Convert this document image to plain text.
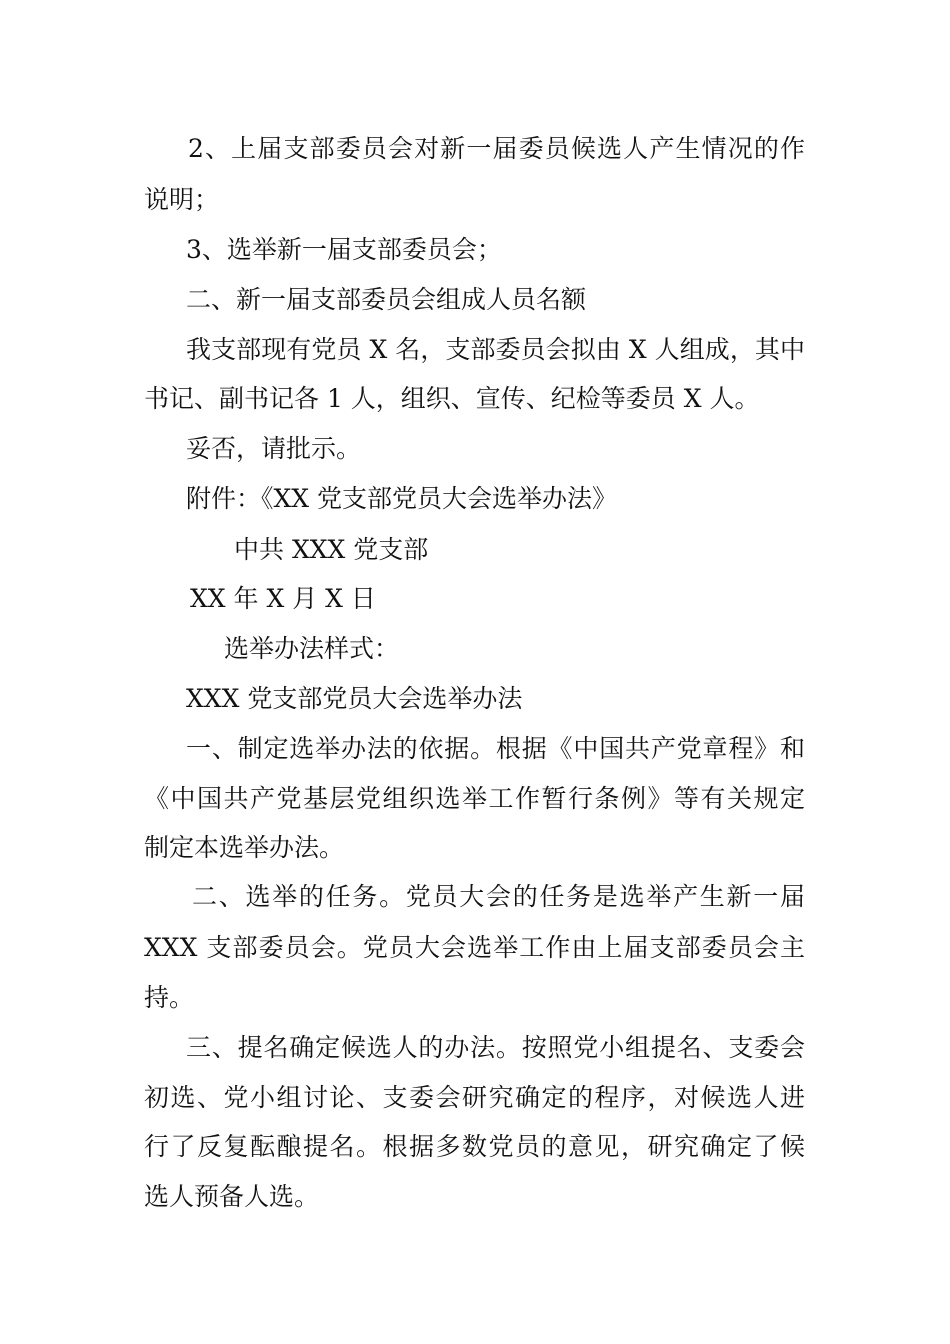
2、上届支部委员会对新一届委员候选人产生情况的作
说明；
3、选举新一届支部委员会；
二、新一届支部委员会组成人员名额
我支部现有党员 X 名，支部委员会拟由 X 人组成，其中
书记、副书记各 1 人，组织、宣传、纪检等委员 X 人。
妥否，请批示。
附件：《XX 党支部党员大会选举办法》
中共 XXX 党支部
XX 年 X 月 X 日
选举办法样式：
XXX 党支部党员大会选举办法
一、制定选举办法的依据。根据《中国共产党章程》和
《中国共产党基层党组织选举工作暂行条例》等有关规定
制定本选举办法。
二、选举的任务。党员大会的任务是选举产生新一届
XXX 支部委员会。党员大会选举工作由上届支部委员会主
持。
三、提名确定候选人的办法。按照党小组提名、支委会
初选、党小组讨论、支委会研究确定的程序，对候选人进
行了反复酝酿提名。根据多数党员的意见，研究确定了候
选人预备人选。
